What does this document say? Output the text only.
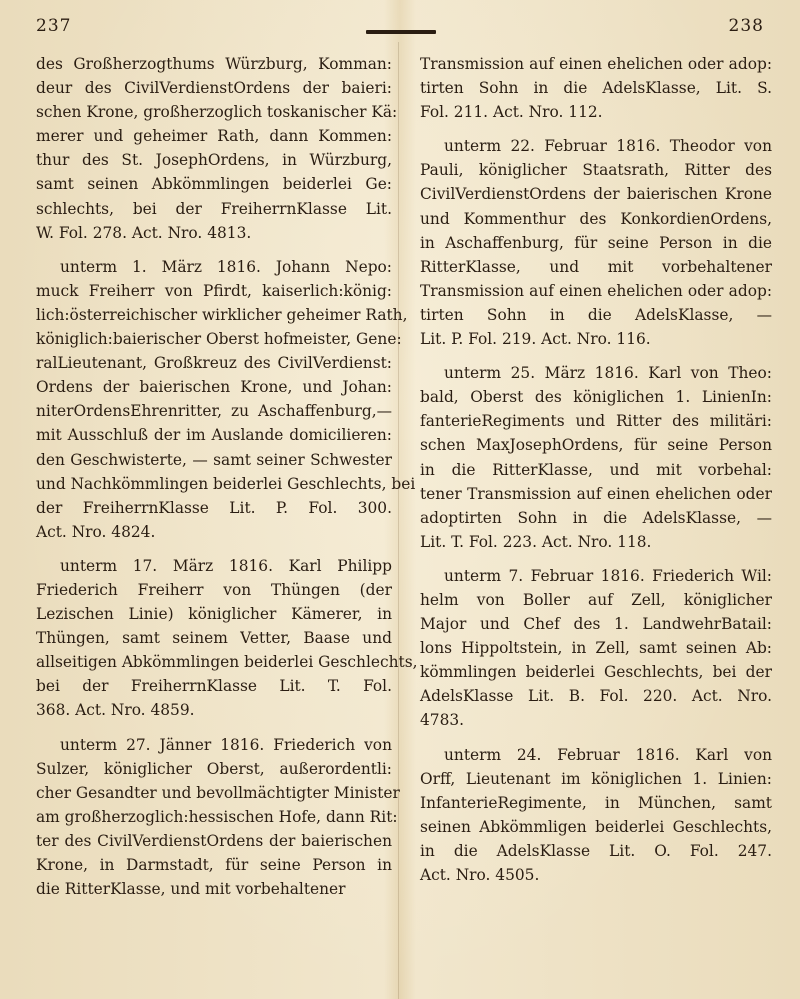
237	238
des Großherzogthums Würzburg, Komman:
deur des CivilVerdienstOrdens der baieri:
schen Krone, großherzoglich toskanischer Kä:
merer und geheimer Rath, dann Kommen:
thur des St. JosephOrdens, in Würzburg,
samt seinen Abkömmlingen beiderlei Ge:
schlechts, bei der FreiherrnKlasse Lit.
W. Fol. 278. Act. Nro. 4813.
unterm 1. März 1816. Johann Nepo:
muck Freiherr von Pfirdt, kaiserlich:könig:
lich:österreichischer wirklicher geheimer Rath,
königlich:baierischer Oberst hofmeister, Gene:
ralLieutenant, Großkreuz des CivilVerdienst:
Ordens der baierischen Krone, und Johan:
niterOrdensEhrenritter, zu Aschaffenburg,—
mit Ausschluß der im Auslande domicilieren:
den Geschwisterte, — samt seiner Schwester
und Nachkömmlingen beiderlei Geschlechts, bei
der FreiherrnKlasse Lit. P. Fol. 300.
Act. Nro. 4824.
unterm 17. März 1816. Karl Philipp
Friederich Freiherr von Thüngen (der
Lezischen Linie) königlicher Kämerer, in
Thüngen, samt seinem Vetter, Baase und
allseitigen Abkömmlingen beiderlei Geschlechts,
bei der FreiherrnKlasse Lit. T. Fol.
368. Act. Nro. 4859.
unterm 27. Jänner 1816. Friederich von
Sulzer, königlicher Oberst, außerordentli:
cher Gesandter und bevollmächtigter Minister
am großherzoglich:hessischen Hofe, dann Rit:
ter des CivilVerdienstOrdens der baierischen
Krone, in Darmstadt, für seine Person in
die RitterKlasse, und mit vorbehaltener
Transmission auf einen ehelichen oder adop:
tirten Sohn in die AdelsKlasse, Lit. S.
Fol. 211. Act. Nro. 112.
unterm 22. Februar 1816. Theodor von
Pauli, königlicher Staatsrath, Ritter des
CivilVerdienstOrdens der baierischen Krone
und Kommenthur des KonkordienOrdens,
in Aschaffenburg, für seine Person in die
RitterKlasse, und mit vorbehaltener
Transmission auf einen ehelichen oder adop:
tirten Sohn in die AdelsKlasse, —
Lit. P. Fol. 219. Act. Nro. 116.
unterm 25. März 1816. Karl von Theo:
bald, Oberst des königlichen 1. LinienIn:
fanterieRegiments und Ritter des militäri:
schen MaxJosephOrdens, für seine Person
in die RitterKlasse, und mit vorbehal:
tener Transmission auf einen ehelichen oder
adoptirten Sohn in die AdelsKlasse, —
Lit. T. Fol. 223. Act. Nro. 118.
unterm 7. Februar 1816. Friederich Wil:
helm von Boller auf Zell, königlicher
Major und Chef des 1. LandwehrBatail:
lons Hippoltstein, in Zell, samt seinen Ab:
kömmlingen beiderlei Geschlechts, bei der
AdelsKlasse Lit. B. Fol. 220. Act. Nro.
4783.
unterm 24. Februar 1816. Karl von
Orff, Lieutenant im königlichen 1. Linien:
InfanterieRegimente, in München, samt
seinen Abkömmligen beiderlei Geschlechts,
in die AdelsKlasse Lit. O. Fol. 247.
Act. Nro. 4505.
